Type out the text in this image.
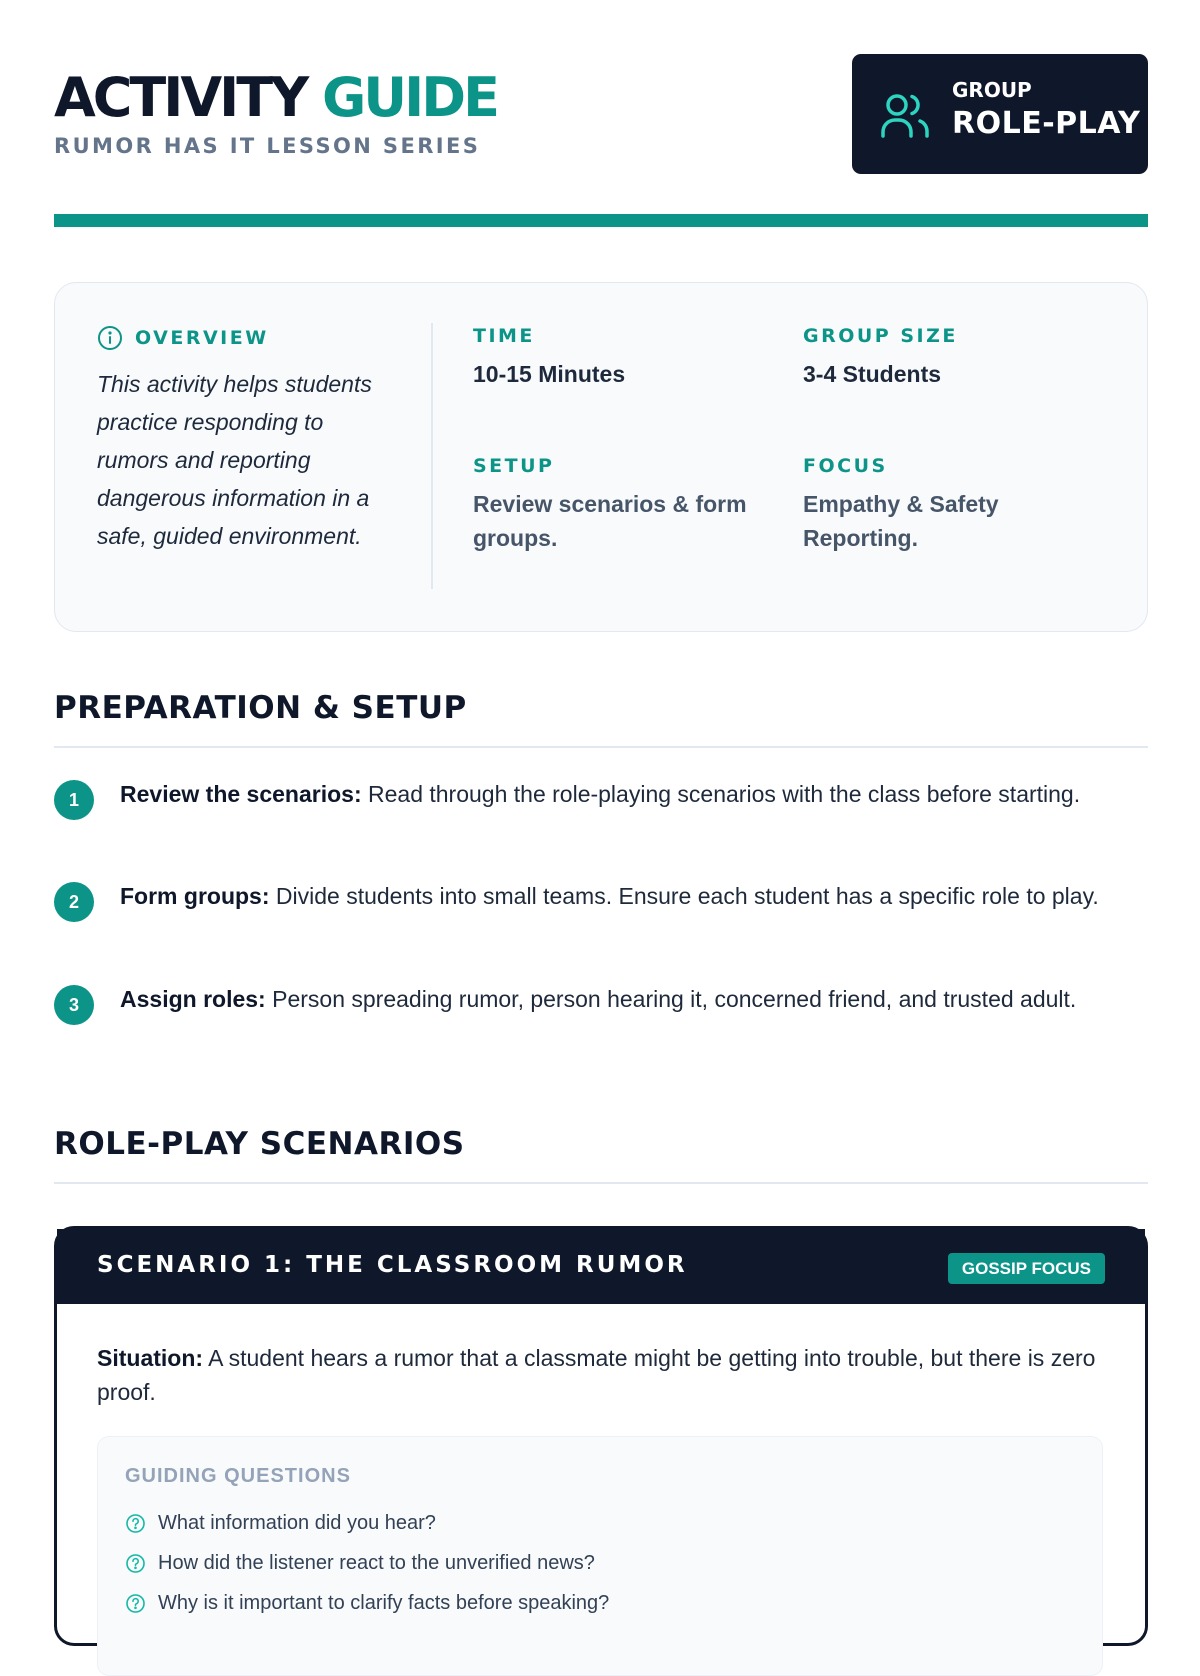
ACTIVITY GUIDE
RUMOR HAS IT LESSON SERIES
GROUP
ROLE-PLAY
OVERVIEW
This activity helps students practice responding to rumors and reporting dangerous information in a safe, guided environment.
TIME
10-15 Minutes
GROUP SIZE
3-4 Students
SETUP
Review scenarios & form groups.
FOCUS
Empathy & Safety Reporting.
PREPARATION & SETUP
1	Review the scenarios: Read through the role-playing scenarios with the class before starting.
2	Form groups: Divide students into small teams. Ensure each student has a specific role to play.
3	Assign roles: Person spreading rumor, person hearing it, concerned friend, and trusted adult.
ROLE-PLAY SCENARIOS
SCENARIO 1: THE CLASSROOM RUMOR	GOSSIP FOCUS
Situation: A student hears a rumor that a classmate might be getting into trouble, but there is zero proof.
GUIDING QUESTIONS
What information did you hear?
How did the listener react to the unverified news?
Why is it important to clarify facts before speaking?
